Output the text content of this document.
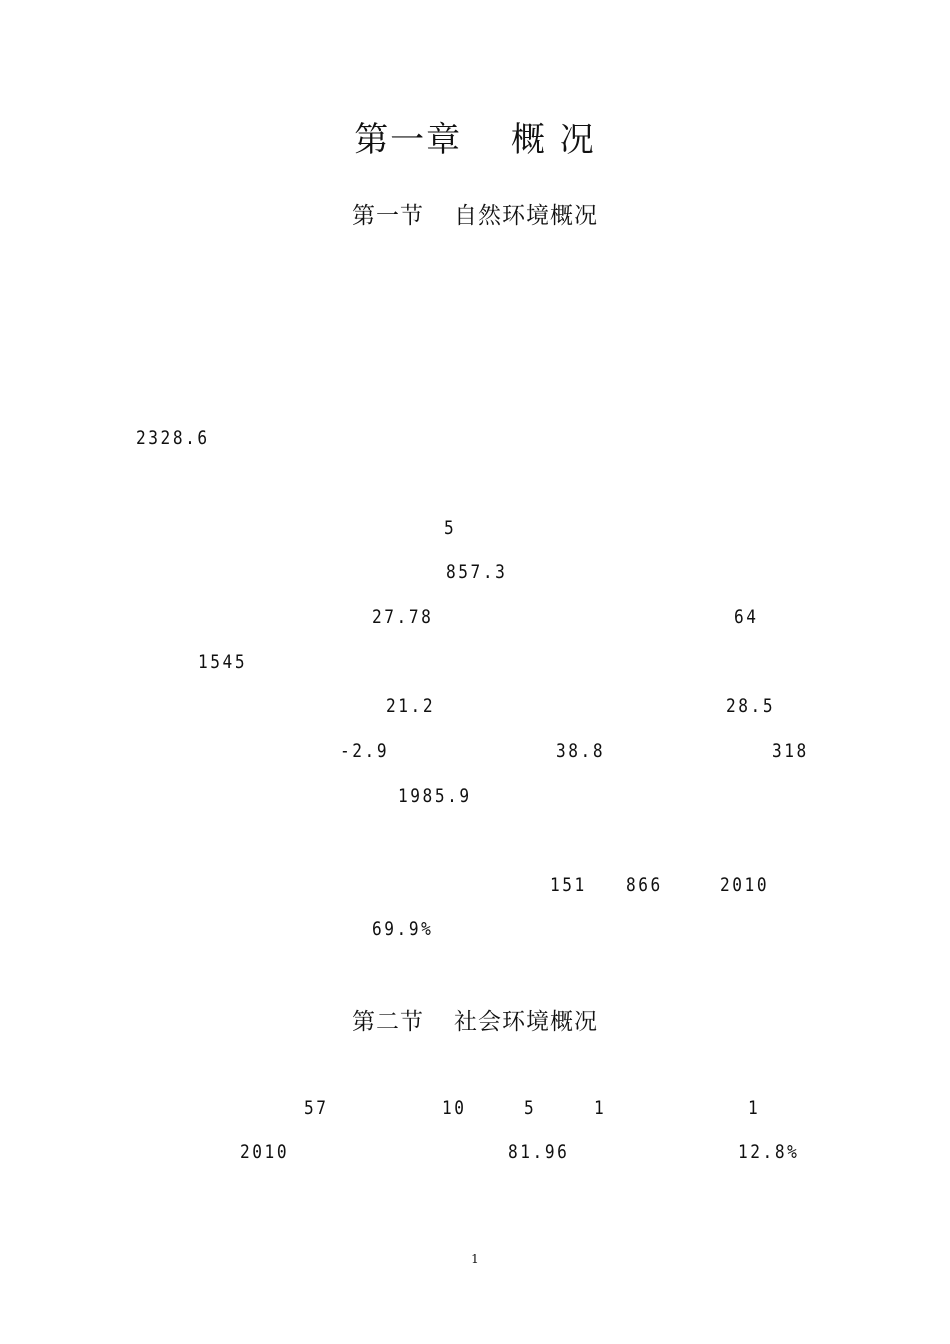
第一章　 概 况
第一节 自然环境概况

2328.6

5　　　　　　　　

857.3　　　　　

27.78　　　　　　　　　　	64　　

1545

21.2　　

　　　　	28.5　　

-2.9　　　　　　	38.8　　　　　	318 　

1985.9　　　　　　　　　　　　　　

151　 866　　 2010　　

69.9%　
第二节 社会环境概况

57　　　　 10　　 5　　 1　　　　　	1　　

2010　　　　　　　　	81.96　　　　　　	12.8%　
1
